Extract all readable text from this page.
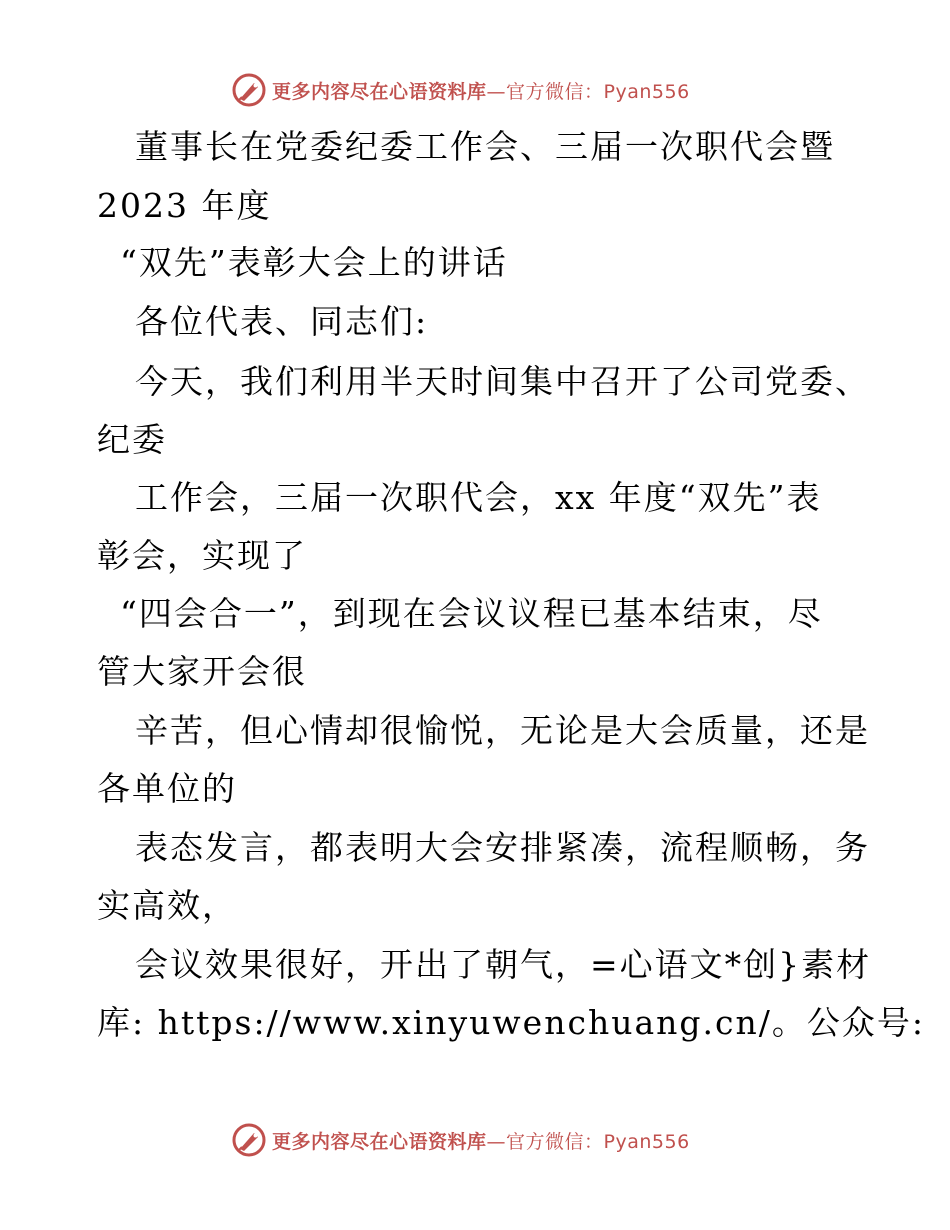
更多内容尽在心语资料库—官方微信：Pyan556
董事长在党委纪委工作会、三届一次职代会暨
2023 年度
“双先”表彰大会上的讲话
各位代表、同志们:
今天，我们利用半天时间集中召开了公司党委、
纪委
工作会，三届一次职代会，xx 年度“双先”表
彰会，实现了
“四会合一”，到现在会议议程已基本结束，尽
管大家开会很
辛苦，但心情却很愉悦，无论是大会质量，还是
各单位的
表态发言，都表明大会安排紧凑，流程顺畅，务
实高效，
会议效果很好，开出了朝气，=心语文*创}素材
库: https://www.xinyuwenchuang.cn/。公众号:
更多内容尽在心语资料库—官方微信：Pyan556
